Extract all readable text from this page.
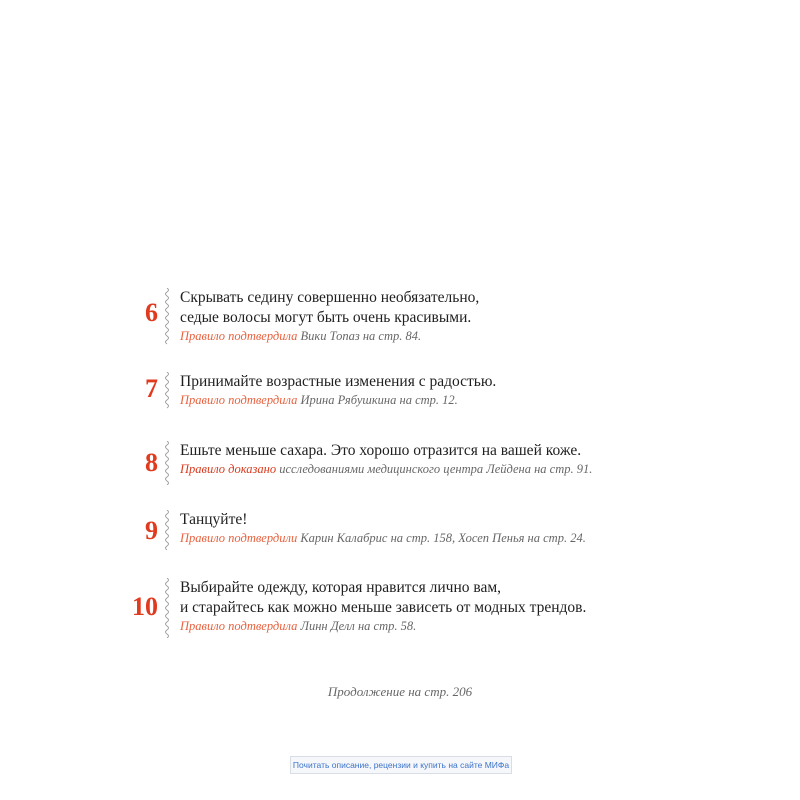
6
Скрывать седину совершенно необязательно,
седые волосы могут быть очень красивыми.
Правило подтвердила Вики Топаз на стр. 84.
7 Принимайте возрастные изменения с радостью.
Правило подтвердила Ирина Рябушкина на стр. 12.
8 Ешьте меньше сахара. Это хорошо отразится на вашей коже.
Правило доказано исследованиями медицинского центра Лейдена на стр. 91.
9 Танцуйте!
Правило подтвердили Карин Калабрис на стр. 158, Хосеп Пенья на стр. 24.
10
Выбирайте одежду, которая нравится лично вам,
и старайтесь как можно меньше зависеть от модных трендов.
Правило подтвердила Линн Делл на стр. 58.
Продолжение на стр. 206
Почитать описание, рецензии и купить на сайте МИФа
